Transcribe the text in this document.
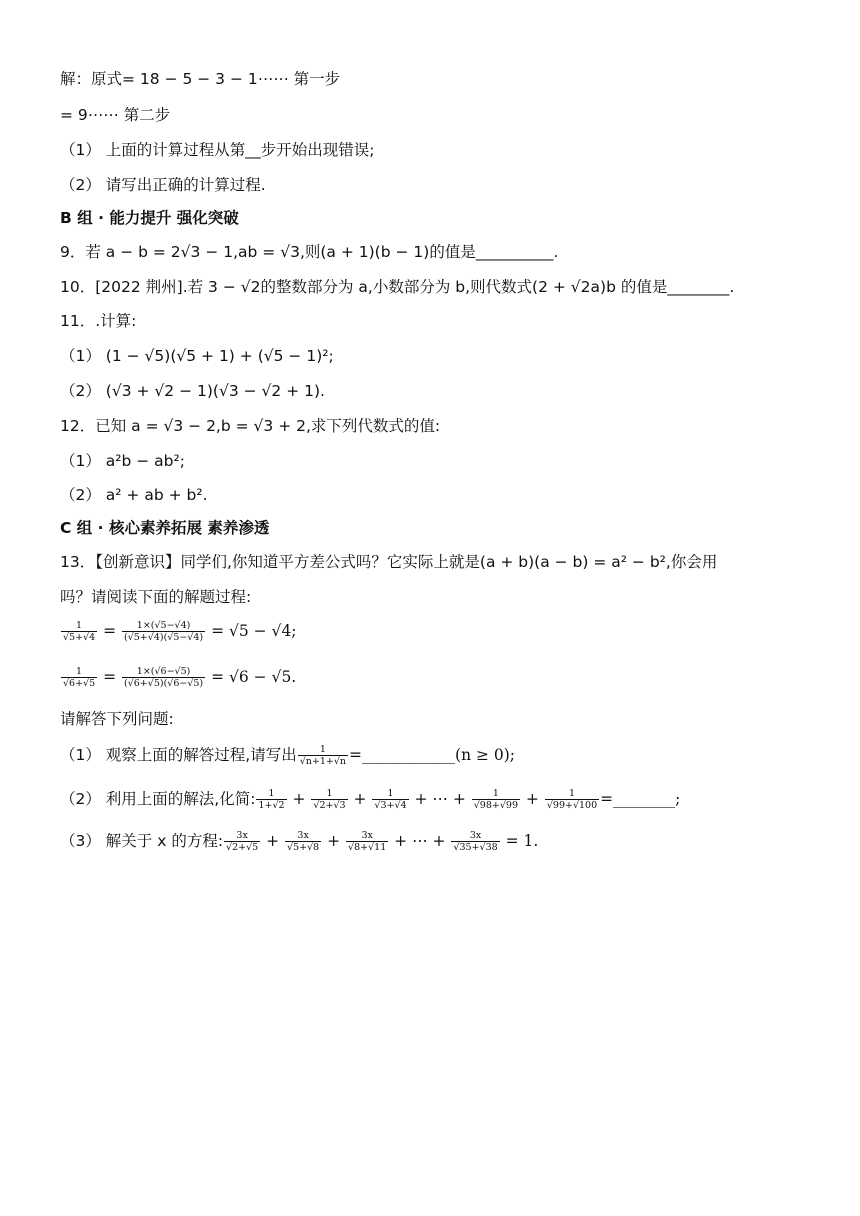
解：原式= 18 − 5 − 3 − 1⋯⋯ 第一步
= 9⋯⋯ 第二步
（1） 上面的计算过程从第__步开始出现错误;
（2） 请写出正确的计算过程.
B 组 · 能力提升 强化突破
9．若 a − b = 2√3 − 1,ab = √3,则(a + 1)(b − 1)的值是__________.
10．[2022 荆州].若 3 − √2的整数部分为 a,小数部分为 b,则代数式(2 + √2a)b 的值是________.
11．.计算:
（1） (1 − √5)(√5 + 1) + (√5 − 1)²;
（2） (√3 + √2 − 1)(√3 − √2 + 1).
12．已知 a = √3 − 2,b = √3 + 2,求下列代数式的值:
（1） a²b − ab²;
（2） a² + ab + b².
C 组 · 核心素养拓展 素养渗透
13．【创新意识】同学们,你知道平方差公式吗？它实际上就是(a + b)(a − b) = a² − b²,你会用
吗？请阅读下面的解题过程:
$\frac{1}{√5+√4} = \frac{1\times(√5-√4)}{(√5+√4)(√5-√4)} = √5 - √4$;
$\frac{1}{√6+√5} = \frac{1\times(√6-√5)}{(√6+√5)(√6-√5)} = √6 - √5$.
请解答下列问题:
（1） 观察上面的解答过程,请写出 $\frac{1}{√n+1+√n}$ =____________(n ≥ 0);
（2） 利用上面的解法,化简: $\frac{1}{1+√2} + \frac{1}{√2+√3} + \frac{1}{√3+√4}$ + ⋯ + $\frac{1}{√98+√99} + \frac{1}{√99+√100}$ =________;
（3） 解关于 x 的方程: $\frac{3x}{√2+√5} + \frac{3x}{√5+√8} + \frac{3x}{√8+√11}$ + ⋯ + $\frac{3x}{√35+√38} = 1$.
